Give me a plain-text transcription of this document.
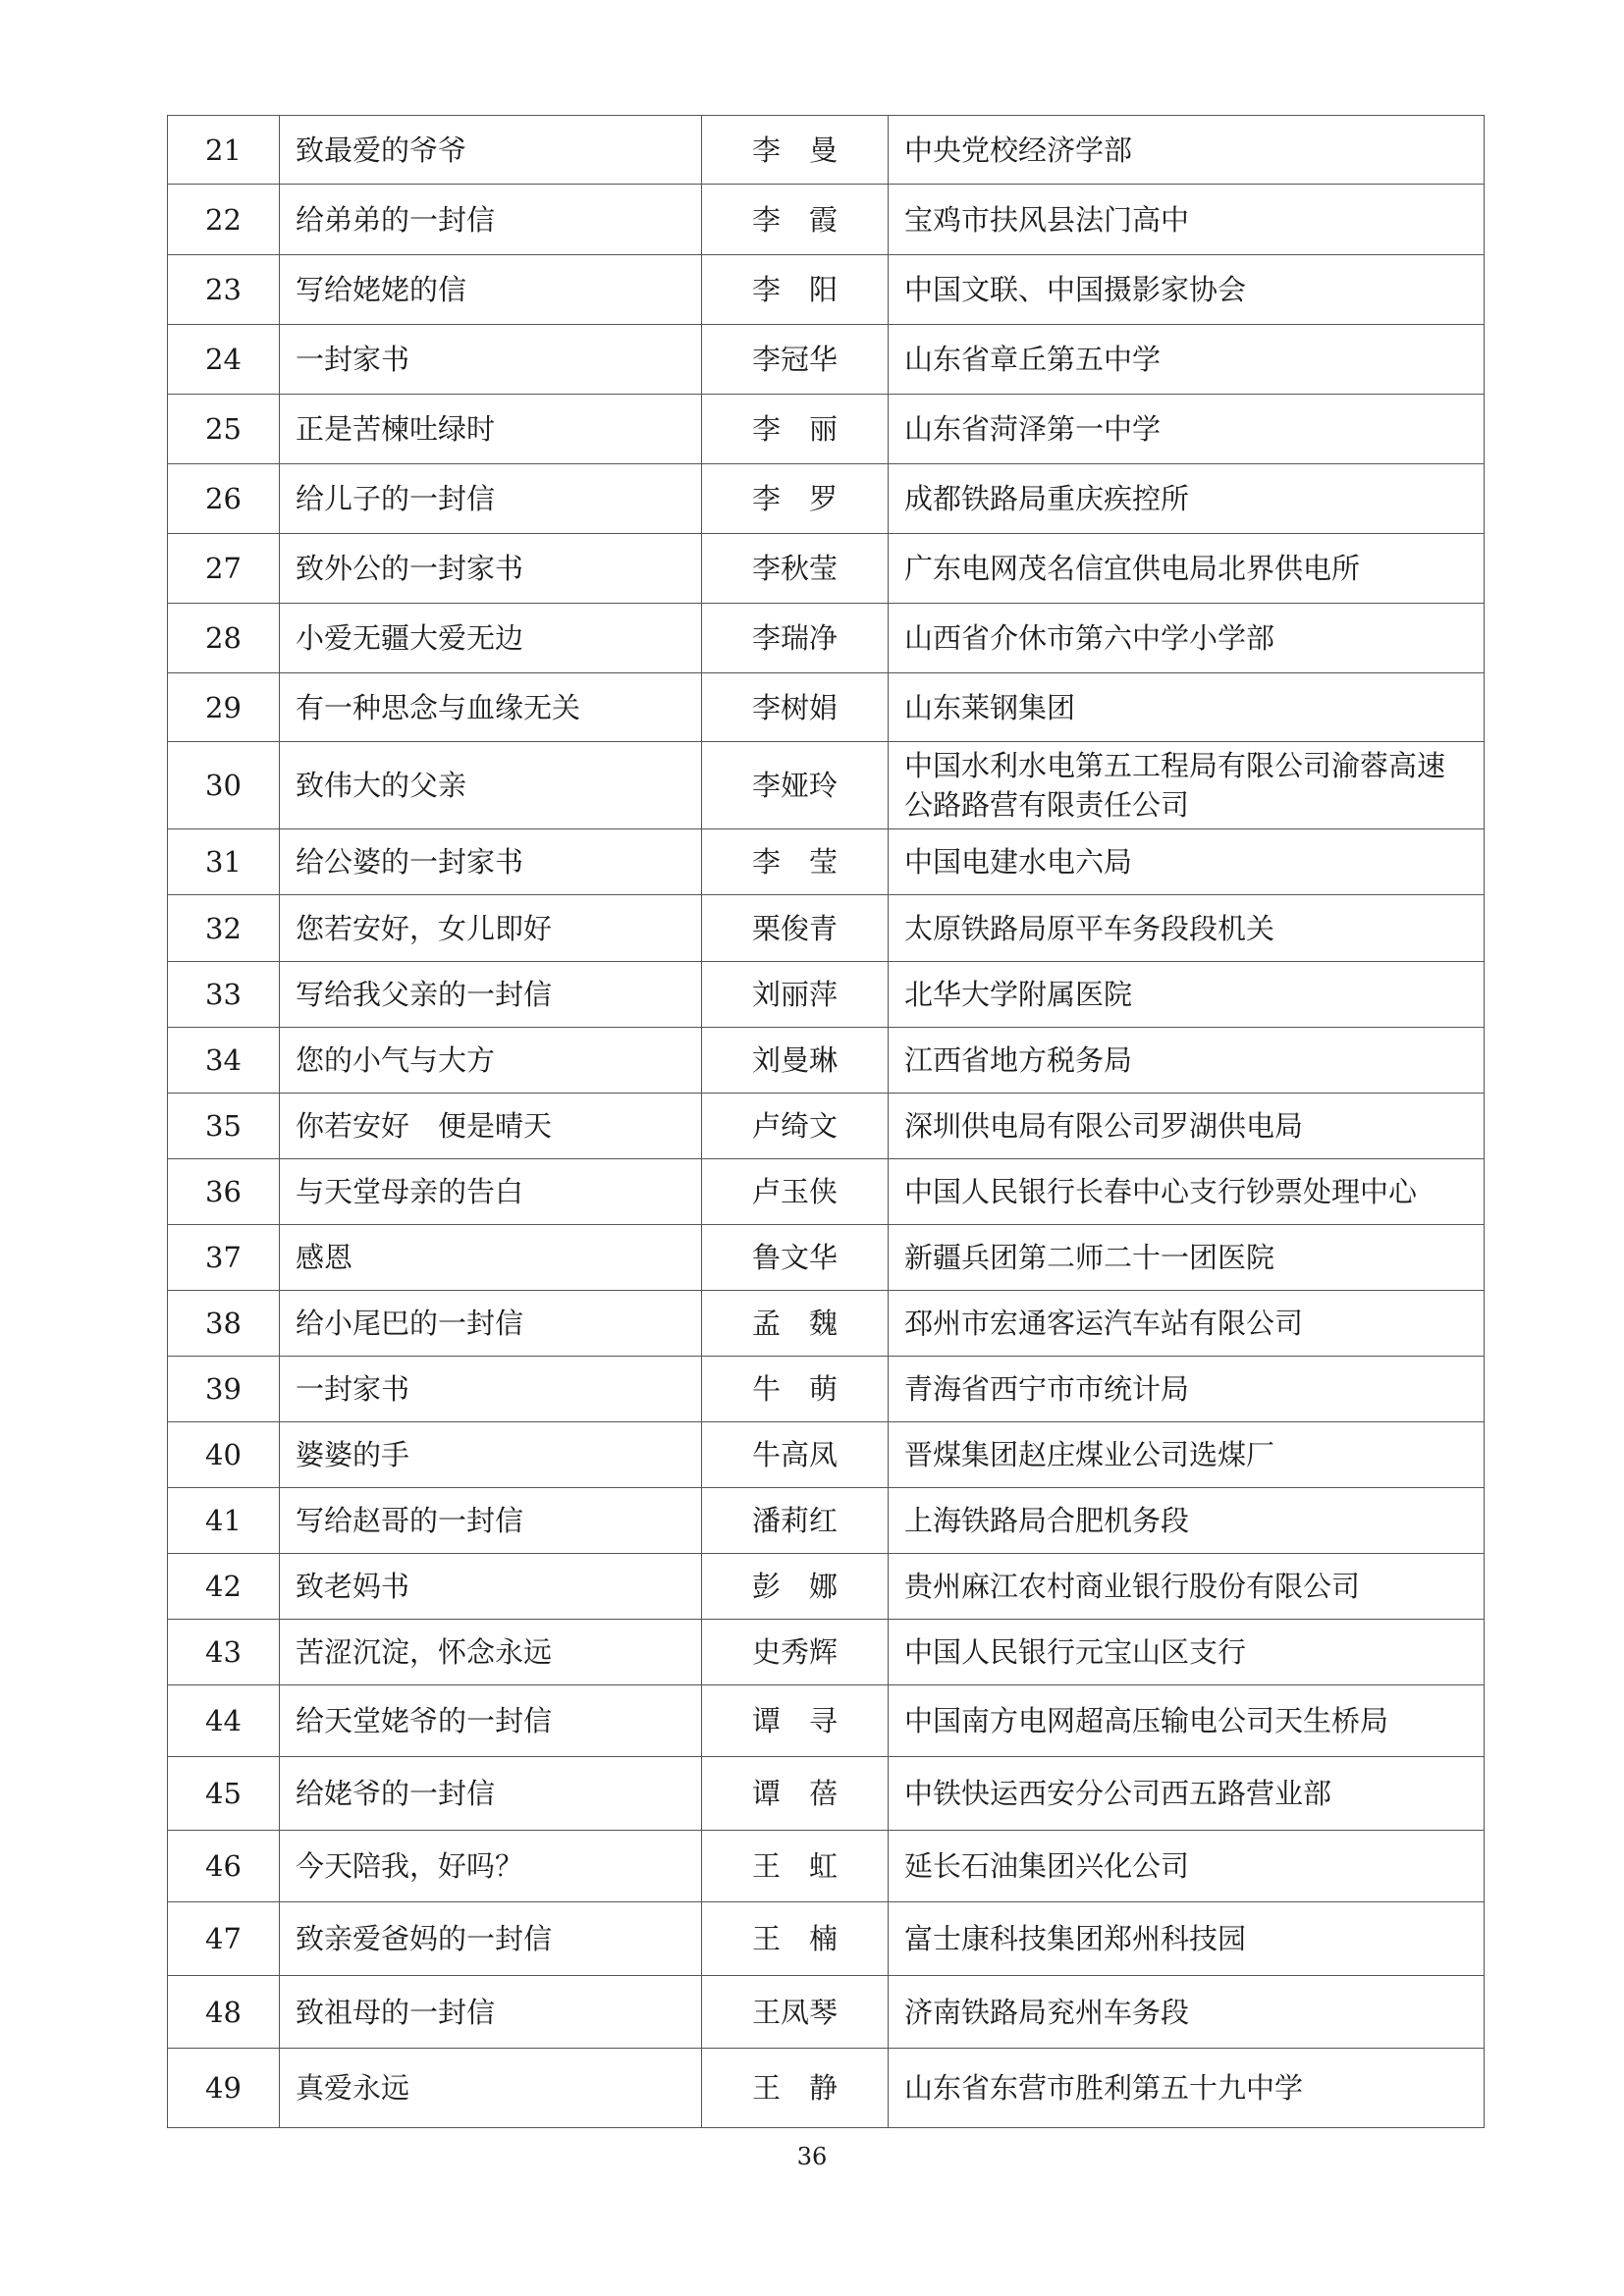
21	致最爱的爷爷	李　曼	中央党校经济学部
22	给弟弟的一封信	李　霞	宝鸡市扶风县法门高中
23	写给姥姥的信	李　阳	中国文联、中国摄影家协会
24	一封家书	李冠华	山东省章丘第五中学
25	正是苦楝吐绿时	李　丽	山东省菏泽第一中学
26	给儿子的一封信	李　罗	成都铁路局重庆疾控所
27	致外公的一封家书	李秋莹	广东电网茂名信宜供电局北界供电所
28	小爱无疆大爱无边	李瑞净	山西省介休市第六中学小学部
29	有一种思念与血缘无关	李树娟	山东莱钢集团
30	致伟大的父亲	李娅玲	中国水利水电第五工程局有限公司渝蓉高速公路路营有限责任公司
31	给公婆的一封家书	李　莹	中国电建水电六局
32	您若安好，女儿即好	栗俊青	太原铁路局原平车务段段机关
33	写给我父亲的一封信	刘丽萍	北华大学附属医院
34	您的小气与大方	刘曼琳	江西省地方税务局
35	你若安好　便是晴天	卢绮文	深圳供电局有限公司罗湖供电局
36	与天堂母亲的告白	卢玉侠	中国人民银行长春中心支行钞票处理中心
37	感恩	鲁文华	新疆兵团第二师二十一团医院
38	给小尾巴的一封信	孟　魏	邳州市宏通客运汽车站有限公司
39	一封家书	牛　萌	青海省西宁市市统计局
40	婆婆的手	牛高凤	晋煤集团赵庄煤业公司选煤厂
41	写给赵哥的一封信	潘莉红	上海铁路局合肥机务段
42	致老妈书	彭　娜	贵州麻江农村商业银行股份有限公司
43	苦涩沉淀，怀念永远	史秀辉	中国人民银行元宝山区支行
44	给天堂姥爷的一封信	谭　寻	中国南方电网超高压输电公司天生桥局
45	给姥爷的一封信	谭　蓓	中铁快运西安分公司西五路营业部
46	今天陪我，好吗？	王　虹	延长石油集团兴化公司
47	致亲爱爸妈的一封信	王　楠	富士康科技集团郑州科技园
48	致祖母的一封信	王凤琴	济南铁路局兖州车务段
49	真爱永远	王　静	山东省东营市胜利第五十九中学
36
